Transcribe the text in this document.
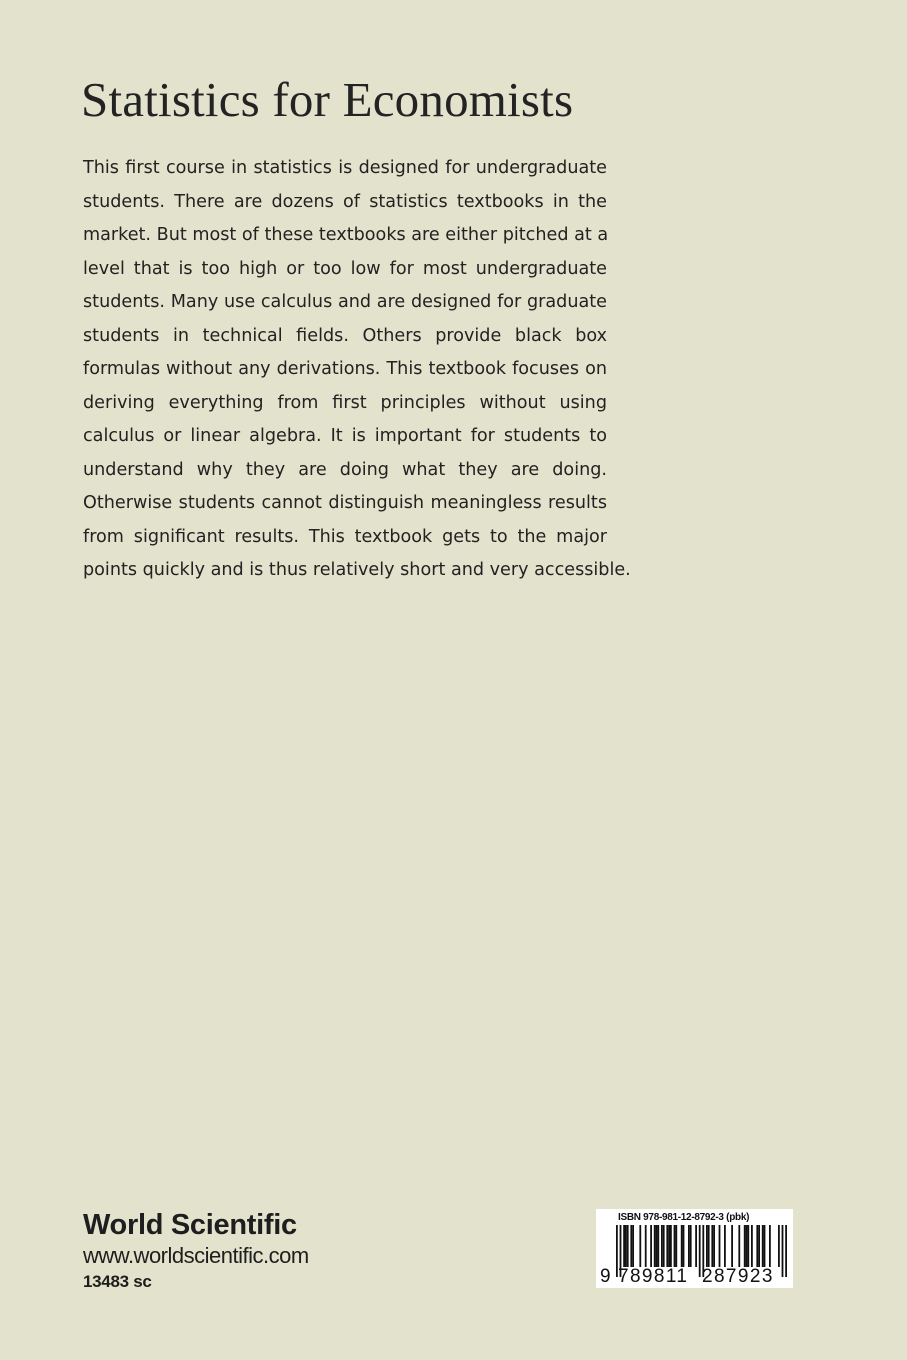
Statistics for Economists
This first course in statistics is designed for undergraduate
students. There are dozens of statistics textbooks in the
market. But most of these textbooks are either pitched at a
level that is too high or too low for most undergraduate
students. Many use calculus and are designed for graduate
students in technical fields. Others provide black box
formulas without any derivations. This textbook focuses on
deriving everything from first principles without using
calculus or linear algebra. It is important for students to
understand why they are doing what they are doing.
Otherwise students cannot distinguish meaningless results
from significant results. This textbook gets to the major
points quickly and is thus relatively short and very accessible.
World Scientific
www.worldscientific.com
13483 sc
ISBN 978-981-12-8792-3 (pbk)
9 789811 287923
